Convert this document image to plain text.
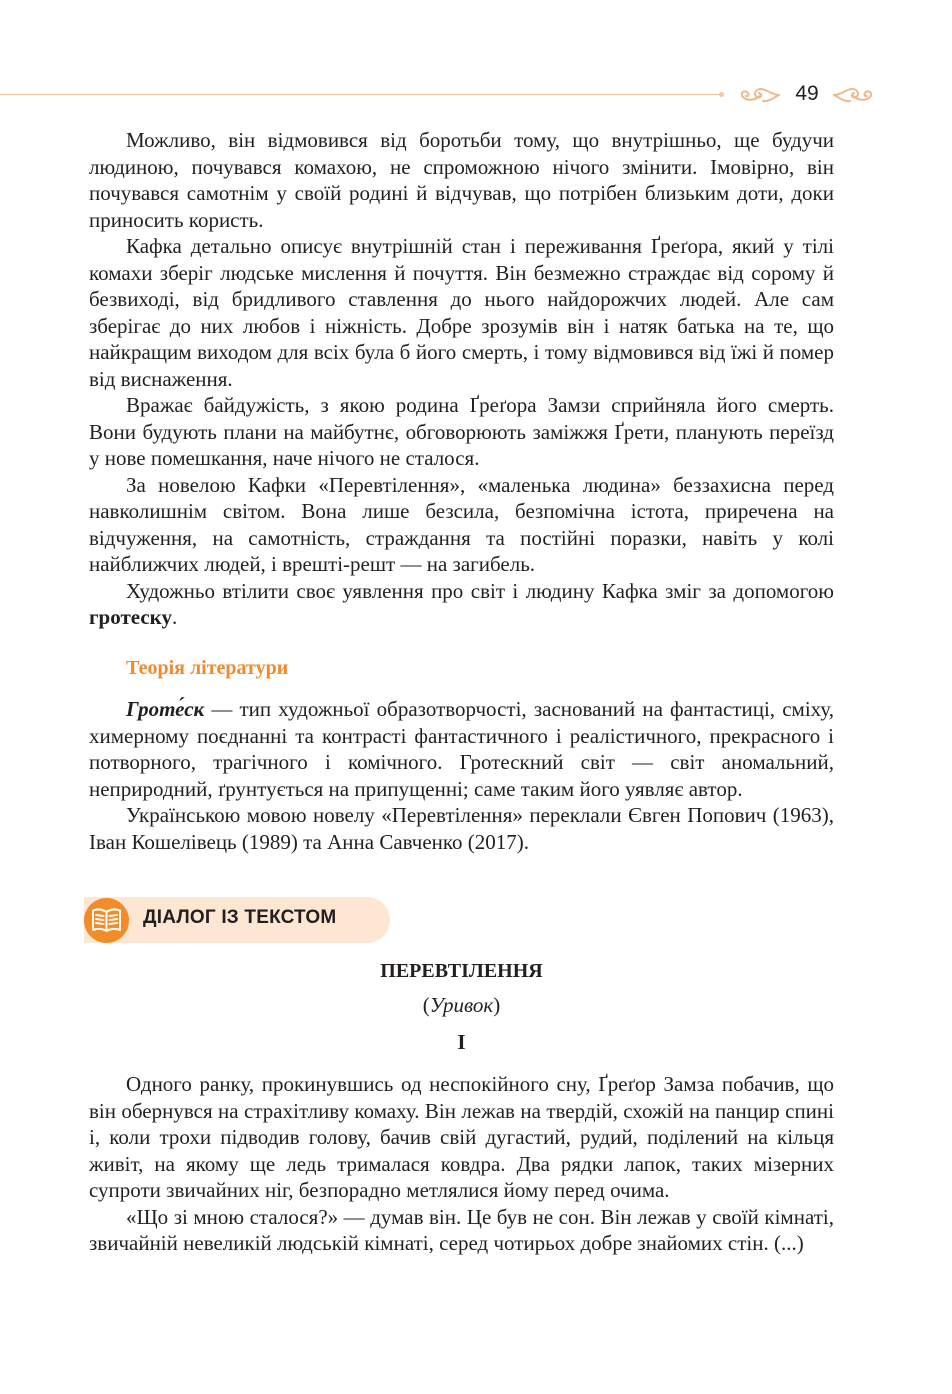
49

Можливо, він відмовився від боротьби тому, що внутрішньо, ще будучи людиною, почувався комахою, не спроможною нічого змінити. Імовірно, він почувався самотнім у своїй родині й відчував, що потрібен близьким доти, доки приносить користь.

Кафка детально описує внутрішній стан і переживання Ґреґора, який у тілі комахи зберіг людське мислення й почуття. Він безмежно страждає від сорому й безвиході, від бридливого ставлення до нього найдорожчих людей. Але сам зберігає до них любов і ніжність. Добре зрозумів він і натяк батька на те, що найкращим виходом для всіх була б його смерть, і тому відмовився від їжі й помер від виснаження.

Вражає байдужість, з якою родина Ґреґора Замзи сприйняла його смерть. Вони будують плани на майбутнє, обговорюють заміжжя Ґрети, планують переїзд у нове помешкання, наче нічого не сталося.

За новелою Кафки «Перевтілення», «маленька людина» беззахисна перед навколишнім світом. Вона лише безсила, безпомічна істота, приречена на відчуження, на самотність, страждання та постійні поразки, навіть у колі найближчих людей, і врешті-решт — на загибель.

Художньо втілити своє уявлення про світ і людину Кафка зміг за допомогою гротеску.

Теорія літератури

Гроте́ск — тип художньої образотворчості, заснований на фантастиці, сміху, химерному поєднанні та контрасті фантастичного і реалістичного, прекрасного і потворного, трагічного і комічного. Гротескний світ — світ аномальний, неприродний, ґрунтується на припущенні; саме таким його уявляє автор.

Українською мовою новелу «Перевтілення» переклали Євген Попович (1963), Іван Кошелівець (1989) та Анна Савченко (2017).

ДІАЛОГ ІЗ ТЕКСТОМ
ПЕРЕВТІЛЕННЯ
(Уривок)
I

Одного ранку, прокинувшись од неспокійного сну, Ґреґор Замза побачив, що він обернувся на страхітливу комаху. Він лежав на твердій, схожій на панцир спині і, коли трохи підводив голову, бачив свій дугастий, рудий, поділений на кільця живіт, на якому ще ледь трималася ковдра. Два рядки лапок, таких мізерних супроти звичайних ніг, безпорадно метлялися йому перед очима.

«Що зі мною сталося?» — думав він. Це був не сон. Він лежав у своїй кімнаті, звичайній невеликій людській кімнаті, серед чотирьох добре знайомих стін. (...)
